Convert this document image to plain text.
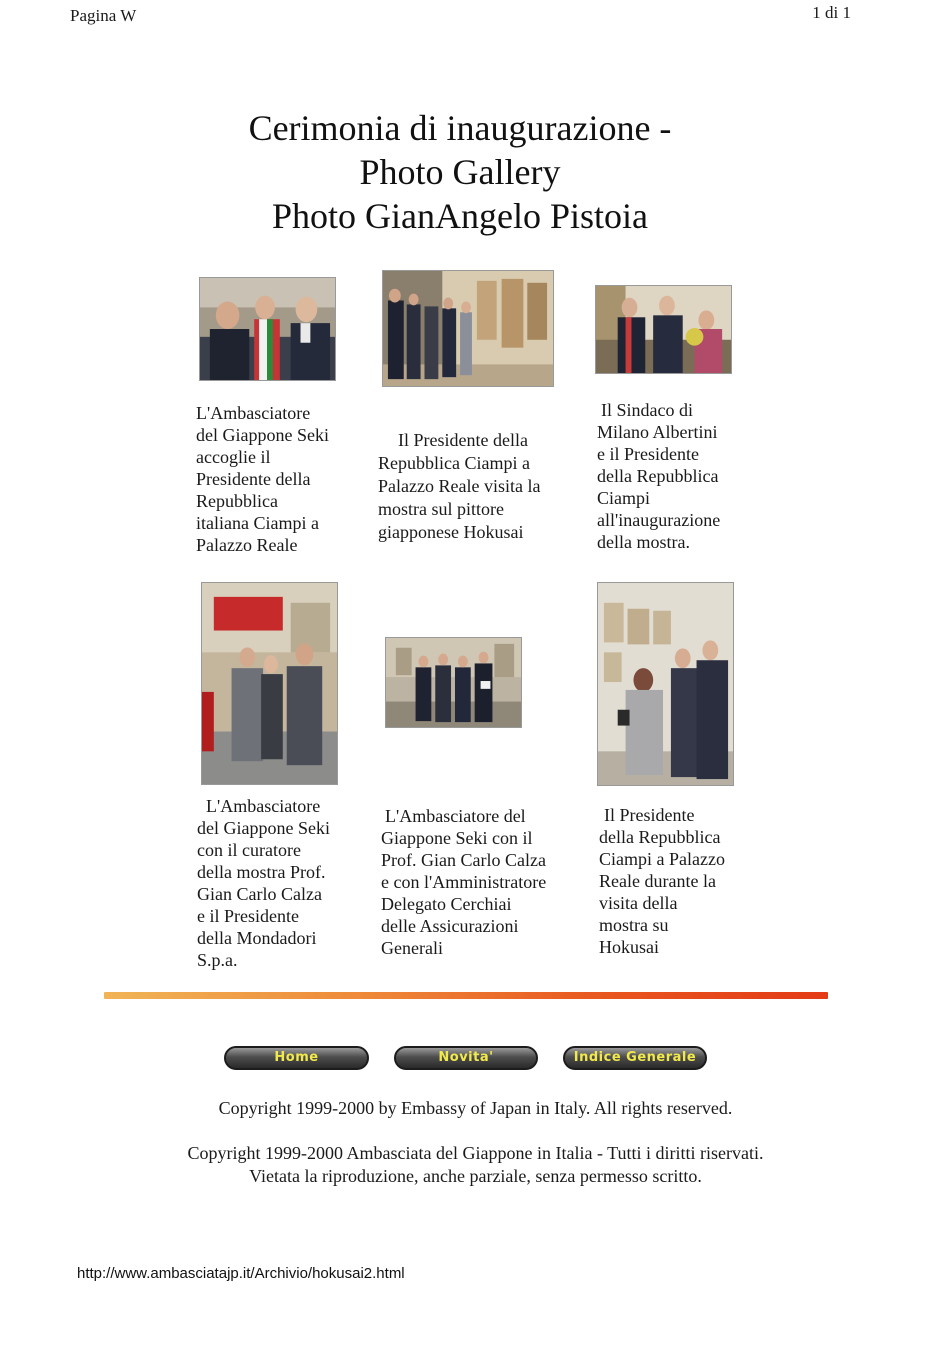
Pagina W	1 di 1
Cerimonia di inaugurazione -
Photo Gallery
Photo GianAngelo Pistoia
L'Ambasciatore
del Giappone Seki
accoglie il
Presidente della
Repubblica
italiana Ciampi a
Palazzo Reale
Il Presidente della
Repubblica Ciampi a
Palazzo Reale visita la
mostra sul pittore
giapponese Hokusai
Il Sindaco di
Milano Albertini
e il Presidente
della Repubblica
Ciampi
all'inaugurazione
della mostra.
L'Ambasciatore
del Giappone Seki
con il curatore
della mostra Prof.
Gian Carlo Calza
e il Presidente
della Mondadori
S.p.a.
L'Ambasciatore del
Giappone Seki con il
Prof. Gian Carlo Calza
e con l'Amministratore
Delegato Cerchiai
delle Assicurazioni
Generali
Il Presidente
della Repubblica
Ciampi a Palazzo
Reale durante la
visita della
mostra su
Hokusai
Home	Novita'	Indice Generale
Copyright 1999-2000 by Embassy of Japan in Italy. All rights reserved.
Copyright 1999-2000 Ambasciata del Giappone in Italia - Tutti i diritti riservati.
Vietata la riproduzione, anche parziale, senza permesso scritto.
http://www.ambasciatajp.it/Archivio/hokusai2.html
